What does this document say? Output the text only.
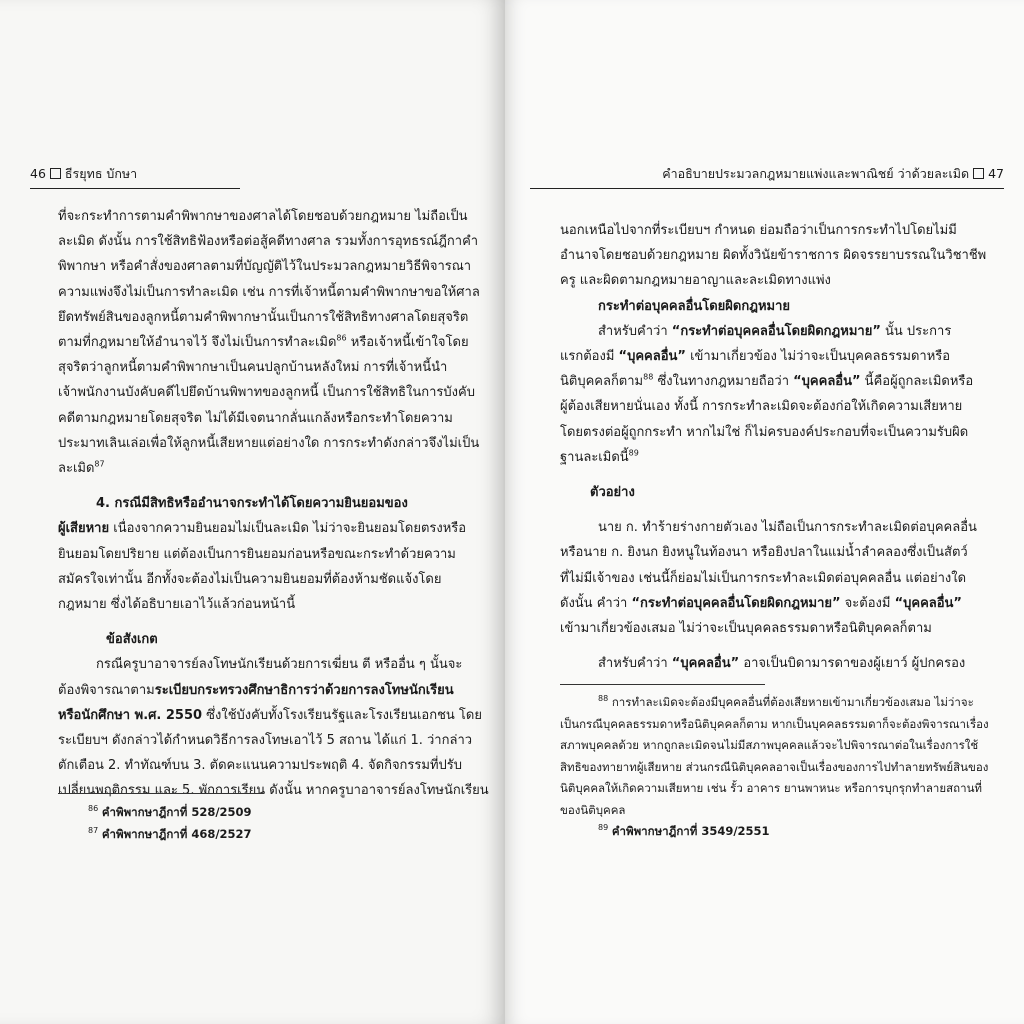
46 ธีรยุทธ บักษา
ที่จะกระทำการตามคำพิพากษาของศาลได้โดยชอบด้วยกฎหมาย ไม่ถือเป็น
ละเมิด ดังนั้น การใช้สิทธิฟ้องหรือต่อสู้คดีทางศาล รวมทั้งการอุทธรณ์ฎีกาคำ
พิพากษา หรือคำสั่งของศาลตามที่บัญญัติไว้ในประมวลกฎหมายวิธีพิจารณา
ความแพ่งจึงไม่เป็นการทำละเมิด เช่น การที่เจ้าหนี้ตามคำพิพากษาขอให้ศาล
ยึดทรัพย์สินของลูกหนี้ตามคำพิพากษานั้นเป็นการใช้สิทธิทางศาลโดยสุจริต
ตามที่กฎหมายให้อำนาจไว้ จึงไม่เป็นการทำละเมิด$^{86}$ หรือเจ้าหนี้เข้าใจโดย
สุจริตว่าลูกหนี้ตามคำพิพากษาเป็นคนปลูกบ้านหลังใหม่ การที่เจ้าหนี้นำ
เจ้าพนักงานบังคับคดีไปยึดบ้านพิพาทของลูกหนี้ เป็นการใช้สิทธิในการบังคับ
คดีตามกฎหมายโดยสุจริต ไม่ได้มีเจตนากลั่นแกล้งหรือกระทำโดยความ
ประมาทเลินเล่อเพื่อให้ลูกหนี้เสียหายแต่อย่างใด การกระทำดังกล่าวจึงไม่เป็น
ละเมิด$^{87}$
4. กรณีมีสิทธิหรืออำนาจกระทำได้โดยความยินยอมของ
ผู้เสียหาย เนื่องจากความยินยอมไม่เป็นละเมิด ไม่ว่าจะยินยอมโดยตรงหรือ
ยินยอมโดยปริยาย แต่ต้องเป็นการยินยอมก่อนหรือขณะกระทำด้วยความ
สมัครใจเท่านั้น อีกทั้งจะต้องไม่เป็นความยินยอมที่ต้องห้ามชัดแจ้งโดย
กฎหมาย ซึ่งได้อธิบายเอาไว้แล้วก่อนหน้านี้
ข้อสังเกต
กรณีครูบาอาจารย์ลงโทษนักเรียนด้วยการเฆี่ยน ตี หรืออื่น ๆ นั้นจะ
ต้องพิจารณาตามระเบียบกระทรวงศึกษาธิการว่าด้วยการลงโทษนักเรียน
หรือนักศึกษา พ.ศ. 2550 ซึ่งใช้บังคับทั้งโรงเรียนรัฐและโรงเรียนเอกชน โดย
ระเบียบฯ ดังกล่าวได้กำหนดวิธีการลงโทษเอาไว้ 5 สถาน ได้แก่ 1. ว่ากล่าว
ตักเตือน 2. ทำทัณฑ์บน 3. ตัดคะแนนความประพฤติ 4. จัดกิจกรรมที่ปรับ
เปลี่ยนพฤติกรรม และ 5. พักการเรียน ดังนั้น หากครูบาอาจารย์ลงโทษนักเรียน
$^{86}$ คำพิพากษาฎีกาที่ 528/2509
$^{87}$ คำพิพากษาฎีกาที่ 468/2527
คำอธิบายประมวลกฎหมายแพ่งและพาณิชย์ ว่าด้วยละเมิด 47
นอกเหนือไปจากที่ระเบียบฯ กำหนด ย่อมถือว่าเป็นการกระทำไปโดยไม่มี
อำนาจโดยชอบด้วยกฎหมาย ผิดทั้งวินัยข้าราชการ ผิดจรรยาบรรณในวิชาชีพ
ครู และผิดตามกฎหมายอาญาและละเมิดทางแพ่ง
กระทำต่อบุคคลอื่นโดยผิดกฎหมาย
สำหรับคำว่า “กระทำต่อบุคคลอื่นโดยผิดกฎหมาย” นั้น ประการ
แรกต้องมี “บุคคลอื่น” เข้ามาเกี่ยวข้อง ไม่ว่าจะเป็นบุคคลธรรมดาหรือ
นิติบุคคลก็ตาม$^{88}$ ซึ่งในทางกฎหมายถือว่า “บุคคลอื่น” นี้คือผู้ถูกละเมิดหรือ
ผู้ต้องเสียหายนั่นเอง ทั้งนี้ การกระทำละเมิดจะต้องก่อให้เกิดความเสียหาย
โดยตรงต่อผู้ถูกกระทำ หากไม่ใช่ ก็ไม่ครบองค์ประกอบที่จะเป็นความรับผิด
ฐานละเมิดนี้$^{89}$
ตัวอย่าง
นาย ก. ทำร้ายร่างกายตัวเอง ไม่ถือเป็นการกระทำละเมิดต่อบุคคลอื่น
หรือนาย ก. ยิงนก ยิงหนูในท้องนา หรือยิงปลาในแม่น้ำลำคลองซึ่งเป็นสัตว์
ที่ไม่มีเจ้าของ เช่นนี้ก็ย่อมไม่เป็นการกระทำละเมิดต่อบุคคลอื่น แต่อย่างใด
ดังนั้น คำว่า “กระทำต่อบุคคลอื่นโดยผิดกฎหมาย” จะต้องมี “บุคคลอื่น”
เข้ามาเกี่ยวข้องเสมอ ไม่ว่าจะเป็นบุคคลธรรมดาหรือนิติบุคคลก็ตาม
สำหรับคำว่า “บุคคลอื่น” อาจเป็นบิดามารดาของผู้เยาว์ ผู้ปกครอง
$^{88}$ การทำละเมิดจะต้องมีบุคคลอื่นที่ต้องเสียหายเข้ามาเกี่ยวข้องเสมอ ไม่ว่าจะ
เป็นกรณีบุคคลธรรมดาหรือนิติบุคคลก็ตาม หากเป็นบุคคลธรรมดาก็จะต้องพิจารณาเรื่อง
สภาพบุคคลด้วย หากถูกละเมิดจนไม่มีสภาพบุคคลแล้วจะไปพิจารณาต่อในเรื่องการใช้
สิทธิของทายาทผู้เสียหาย ส่วนกรณีนิติบุคคลอาจเป็นเรื่องของการไปทำลายทรัพย์สินของ
นิติบุคคลให้เกิดความเสียหาย เช่น รั้ว อาคาร ยานพาหนะ หรือการบุกรุกทำลายสถานที่
ของนิติบุคคล
$^{89}$ คำพิพากษาฎีกาที่ 3549/2551
